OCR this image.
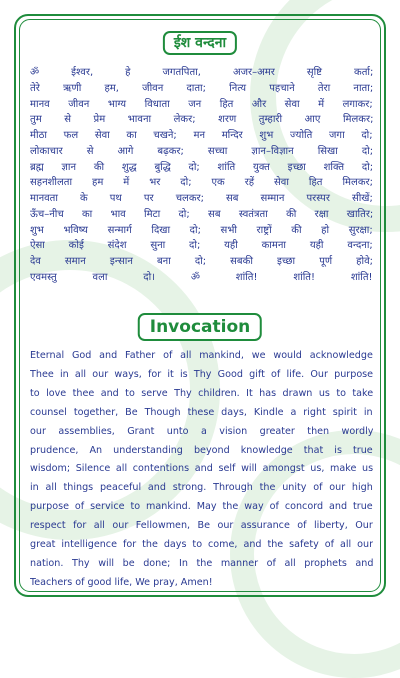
ईश वन्दना
ॐ ईश्वर, हे जगतपिता, अजर–अमर सृष्टि कर्ता;
तेरे ऋणी हम, जीवन दाता; नित्य पहचाने तेरा नाता;
मानव जीवन भाग्य विधाता जन हित और सेवा में लगाकर;
तुम से प्रेम भावना लेकर; शरण तुम्हारी आए मिलकर;
मीठा फल सेवा का चखने; मन मन्दिर शुभ ज्योति जगा दो;
लोकाचार से आगे बढ़कर; सच्चा ज्ञान–विज्ञान सिखा दो;
ब्रह्म ज्ञान की शुद्ध बुद्धि दो; शांति युक्त इच्छा शक्ति दो;
सहनशीलता हम में भर दो; एक रहें सेवा हित मिलकर;
मानवता के पथ पर चलकर; सब सम्मान परस्पर सीखें;
ऊँच–नीच का भाव मिटा दो; सब स्वतंत्रता की रक्षा खातिर;
शुभ भविष्य सन्मार्ग दिखा दो; सभी राष्ट्रों की हो सुरक्षा;
ऐसा कोई संदेश सुना दो; यही कामना यही वन्दना;
देव समान इन्सान बना दो; सबकी इच्छा पूर्ण होवे;
एवमस्तु वला दो। ॐ शांति! शांति! शांति!
Invocation
Eternal God and Father of all mankind, we would acknowledge
Thee in all our ways, for it is Thy Good gift of life. Our purpose
to love thee and to serve Thy children. It has drawn us to take
counsel together, Be Though these days, Kindle a right spirit in
our assemblies, Grant unto a vision greater then wordly
prudence, An understanding beyond knowledge that is true
wisdom; Silence all contentions and self will amongst us, make us
in all things peaceful and strong. Through the unity of our high
purpose of service to mankind. May the way of concord and true
respect for all our Fellowmen, Be our assurance of liberty, Our
great intelligence for the days to come, and the safety of all our
nation. Thy will be done; In the manner of all prophets and
Teachers of good life, We pray, Amen!
